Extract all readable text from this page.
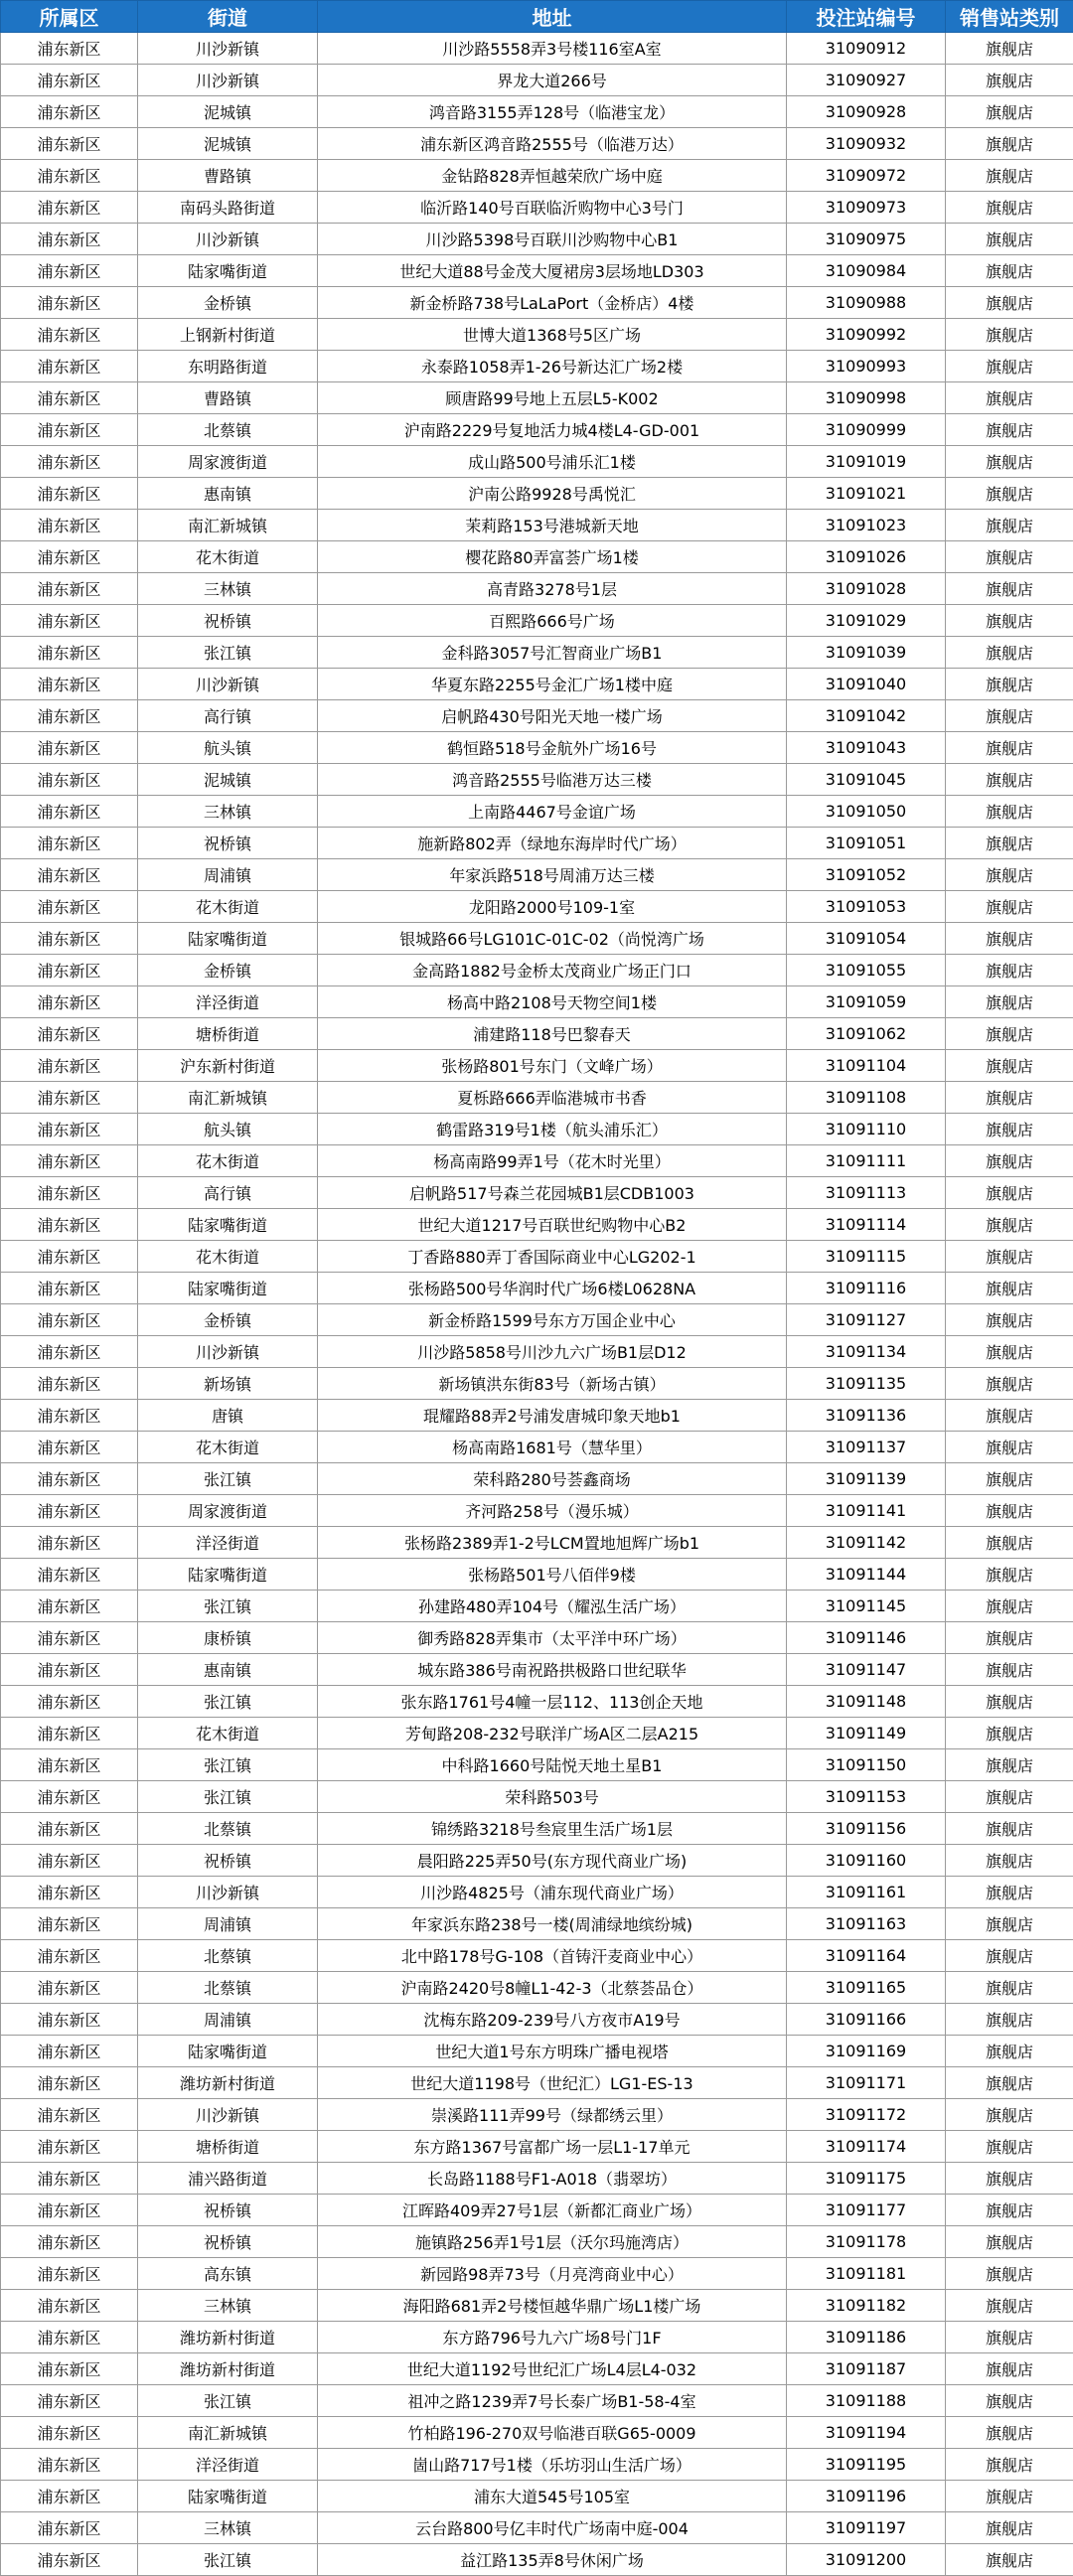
所属区	街道	地址	投注站编号	销售站类别
浦东新区	川沙新镇	川沙路5558弄3号楼116室A室	31090912	旗舰店
浦东新区	川沙新镇	界龙大道266号	31090927	旗舰店
浦东新区	泥城镇	鸿音路3155弄128号（临港宝龙）	31090928	旗舰店
浦东新区	泥城镇	浦东新区鸿音路2555号（临港万达）	31090932	旗舰店
浦东新区	曹路镇	金钻路828弄恒越荣欣广场中庭	31090972	旗舰店
浦东新区	南码头路街道	临沂路140号百联临沂购物中心3号门	31090973	旗舰店
浦东新区	川沙新镇	川沙路5398号百联川沙购物中心B1	31090975	旗舰店
浦东新区	陆家嘴街道	世纪大道88号金茂大厦裙房3层场地LD303	31090984	旗舰店
浦东新区	金桥镇	新金桥路738号LaLaPort（金桥店）4楼	31090988	旗舰店
浦东新区	上钢新村街道	世博大道1368号5区广场	31090992	旗舰店
浦东新区	东明路街道	永泰路1058弄1-26号新达汇广场2楼	31090993	旗舰店
浦东新区	曹路镇	顾唐路99号地上五层L5-K002	31090998	旗舰店
浦东新区	北蔡镇	沪南路2229号复地活力城4楼L4-GD-001	31090999	旗舰店
浦东新区	周家渡街道	成山路500号浦乐汇1楼	31091019	旗舰店
浦东新区	惠南镇	沪南公路9928号禹悦汇	31091021	旗舰店
浦东新区	南汇新城镇	茉莉路153号港城新天地	31091023	旗舰店
浦东新区	花木街道	樱花路80弄富荟广场1楼	31091026	旗舰店
浦东新区	三林镇	高青路3278号1层	31091028	旗舰店
浦东新区	祝桥镇	百熙路666号广场	31091029	旗舰店
浦东新区	张江镇	金科路3057号汇智商业广场B1	31091039	旗舰店
浦东新区	川沙新镇	华夏东路2255号金汇广场1楼中庭	31091040	旗舰店
浦东新区	高行镇	启帆路430号阳光天地一楼广场	31091042	旗舰店
浦东新区	航头镇	鹤恒路518号金航外广场16号	31091043	旗舰店
浦东新区	泥城镇	鸿音路2555号临港万达三楼	31091045	旗舰店
浦东新区	三林镇	上南路4467号金谊广场	31091050	旗舰店
浦东新区	祝桥镇	施新路802弄（绿地东海岸时代广场）	31091051	旗舰店
浦东新区	周浦镇	年家浜路518号周浦万达三楼	31091052	旗舰店
浦东新区	花木街道	龙阳路2000号109-1室	31091053	旗舰店
浦东新区	陆家嘴街道	银城路66号LG101C-01C-02（尚悦湾广场	31091054	旗舰店
浦东新区	金桥镇	金高路1882号金桥太茂商业广场正门口	31091055	旗舰店
浦东新区	洋泾街道	杨高中路2108号天物空间1楼	31091059	旗舰店
浦东新区	塘桥街道	浦建路118号巴黎春天	31091062	旗舰店
浦东新区	沪东新村街道	张杨路801号东门（文峰广场）	31091104	旗舰店
浦东新区	南汇新城镇	夏栎路666弄临港城市书香	31091108	旗舰店
浦东新区	航头镇	鹤雷路319号1楼（航头浦乐汇）	31091110	旗舰店
浦东新区	花木街道	杨高南路99弄1号（花木时光里）	31091111	旗舰店
浦东新区	高行镇	启帆路517号森兰花园城B1层CDB1003	31091113	旗舰店
浦东新区	陆家嘴街道	世纪大道1217号百联世纪购物中心B2	31091114	旗舰店
浦东新区	花木街道	丁香路880弄丁香国际商业中心LG202-1	31091115	旗舰店
浦东新区	陆家嘴街道	张杨路500号华润时代广场6楼L0628NA	31091116	旗舰店
浦东新区	金桥镇	新金桥路1599号东方万国企业中心	31091127	旗舰店
浦东新区	川沙新镇	川沙路5858号川沙九六广场B1层D12	31091134	旗舰店
浦东新区	新场镇	新场镇洪东街83号（新场古镇）	31091135	旗舰店
浦东新区	唐镇	琨耀路88弄2号浦发唐城印象天地b1	31091136	旗舰店
浦东新区	花木街道	杨高南路1681号（慧华里）	31091137	旗舰店
浦东新区	张江镇	荣科路280号荟鑫商场	31091139	旗舰店
浦东新区	周家渡街道	齐河路258号（漫乐城）	31091141	旗舰店
浦东新区	洋泾街道	张杨路2389弄1-2号LCM置地旭辉广场b1	31091142	旗舰店
浦东新区	陆家嘴街道	张杨路501号八佰伴9楼	31091144	旗舰店
浦东新区	张江镇	孙建路480弄104号（耀泓生活广场）	31091145	旗舰店
浦东新区	康桥镇	御秀路828弄集市（太平洋中环广场）	31091146	旗舰店
浦东新区	惠南镇	城东路386号南祝路拱极路口世纪联华	31091147	旗舰店
浦东新区	张江镇	张东路1761号4幢一层112、113创企天地	31091148	旗舰店
浦东新区	花木街道	芳甸路208-232号联洋广场A区二层A215	31091149	旗舰店
浦东新区	张江镇	中科路1660号陆悦天地土星B1	31091150	旗舰店
浦东新区	张江镇	荣科路503号	31091153	旗舰店
浦东新区	北蔡镇	锦绣路3218号叁宸里生活广场1层	31091156	旗舰店
浦东新区	祝桥镇	晨阳路225弄50号(东方现代商业广场)	31091160	旗舰店
浦东新区	川沙新镇	川沙路4825号（浦东现代商业广场）	31091161	旗舰店
浦东新区	周浦镇	年家浜东路238号一楼(周浦绿地缤纷城)	31091163	旗舰店
浦东新区	北蔡镇	北中路178号G-108（首铸汗麦商业中心）	31091164	旗舰店
浦东新区	北蔡镇	沪南路2420号8幢L1-42-3（北蔡荟品仓）	31091165	旗舰店
浦东新区	周浦镇	沈梅东路209-239号八方夜市A19号	31091166	旗舰店
浦东新区	陆家嘴街道	世纪大道1号东方明珠广播电视塔	31091169	旗舰店
浦东新区	潍坊新村街道	世纪大道1198号（世纪汇）LG1-ES-13	31091171	旗舰店
浦东新区	川沙新镇	崇溪路111弄99号（绿都绣云里）	31091172	旗舰店
浦东新区	塘桥街道	东方路1367号富都广场一层L1-17单元	31091174	旗舰店
浦东新区	浦兴路街道	长岛路1188号F1-A018（翡翠坊）	31091175	旗舰店
浦东新区	祝桥镇	江晖路409弄27号1层（新都汇商业广场）	31091177	旗舰店
浦东新区	祝桥镇	施镇路256弄1号1层（沃尔玛施湾店）	31091178	旗舰店
浦东新区	高东镇	新园路98弄73号（月亮湾商业中心）	31091181	旗舰店
浦东新区	三林镇	海阳路681弄2号楼恒越华鼎广场L1楼广场	31091182	旗舰店
浦东新区	潍坊新村街道	东方路796号九六广场8号门1F	31091186	旗舰店
浦东新区	潍坊新村街道	世纪大道1192号世纪汇广场L4层L4-032	31091187	旗舰店
浦东新区	张江镇	祖冲之路1239弄7号长泰广场B1-58-4室	31091188	旗舰店
浦东新区	南汇新城镇	竹柏路196-270双号临港百联G65-0009	31091194	旗舰店
浦东新区	洋泾街道	崮山路717号1楼（乐坊羽山生活广场）	31091195	旗舰店
浦东新区	陆家嘴街道	浦东大道545号105室	31091196	旗舰店
浦东新区	三林镇	云台路800号亿丰时代广场南中庭-004	31091197	旗舰店
浦东新区	张江镇	益江路135弄8号休闲广场	31091200	旗舰店
